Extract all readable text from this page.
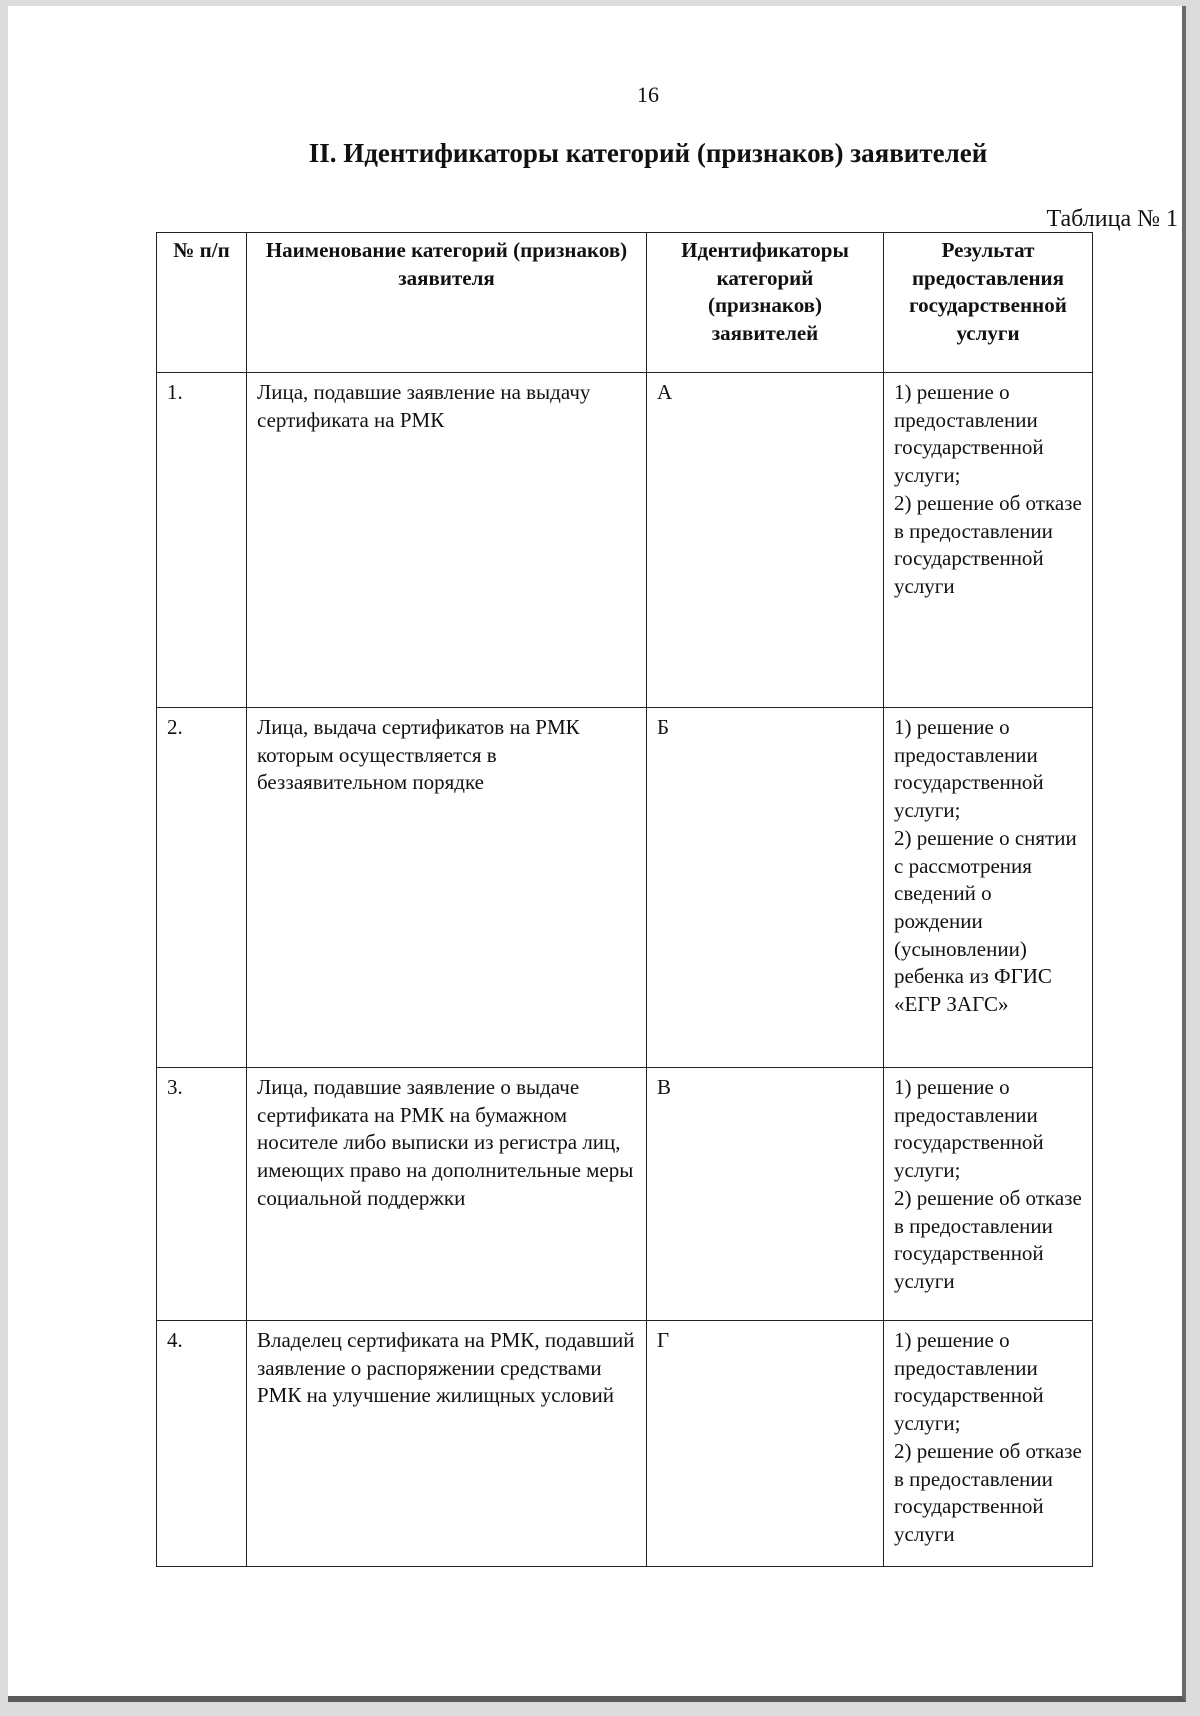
16
II. Идентификаторы категорий (признаков) заявителей
Таблица № 1
№ п/п	Наименование категорий (признаков) заявителя	Идентификаторы категорий (признаков) заявителей	Результат предоставления государственной услуги
1.	Лица, подавшие заявление на выдачу сертификата на РМК	А	1) решение о предоставлении государственной услуги;
2) решение об отказе в предоставлении государственной услуги

2.	Лица, выдача сертификатов на РМК которым осуществляется в беззаявительном порядке	Б	1) решение о предоставлении государственной услуги;
2) решение о снятии с рассмотрения сведений о рождении (усыновлении) ребенка из ФГИС «ЕГР ЗАГС»

3.	Лица, подавшие заявление о выдаче сертификата на РМК на бумажном носителе либо выписки из регистра лиц, имеющих право на дополнительные меры социальной поддержки	В	1) решение о предоставлении государственной услуги;
2) решение об отказе в предоставлении государственной услуги

4.	Владелец сертификата на РМК, подавший заявление о распоряжении средствами РМК на улучшение жилищных условий	Г	1) решение о предоставлении государственной услуги;
2) решение об отказе в предоставлении государственной услуги
